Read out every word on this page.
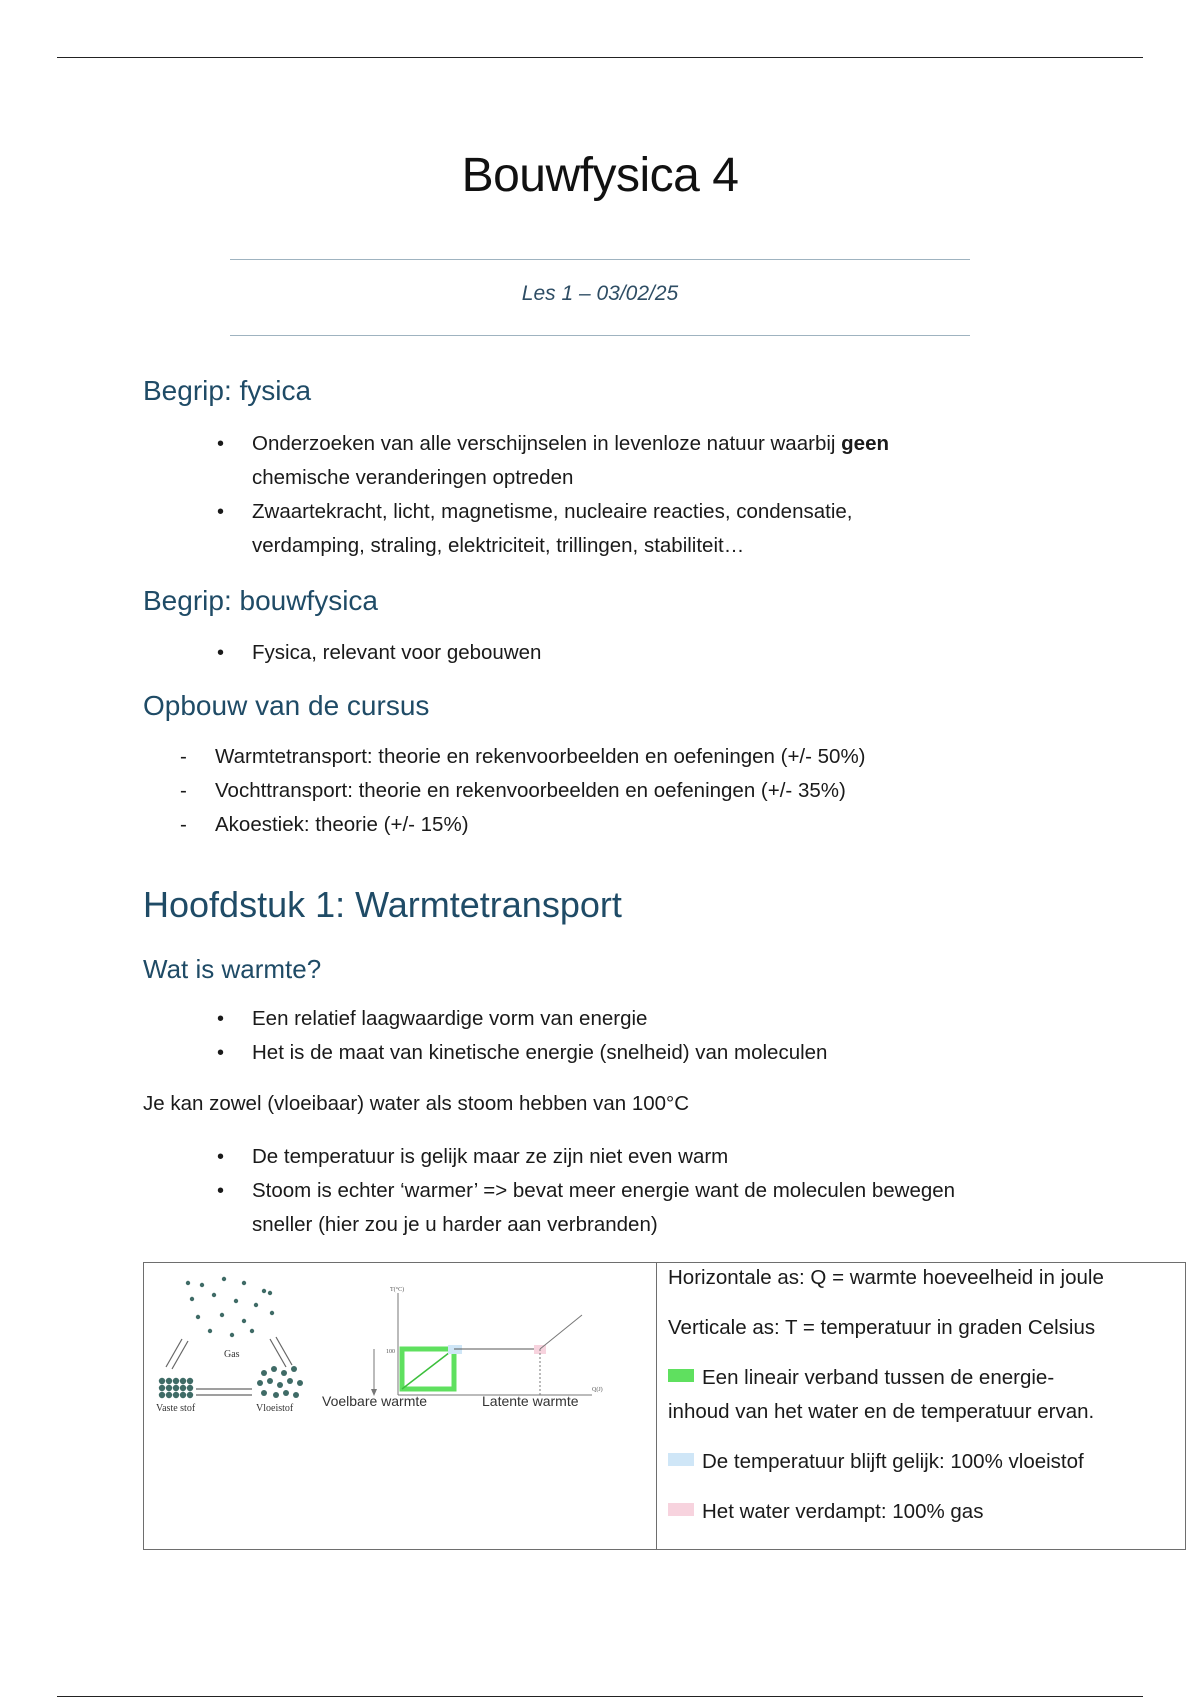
Bouwfysica 4
Les 1 – 03/02/25
Begrip: fysica
• Onderzoeken van alle verschijnselen in levenloze natuur waarbij geen
chemische veranderingen optreden
• Zwaartekracht, licht, magnetisme, nucleaire reacties, condensatie,
verdamping, straling, elektriciteit, trillingen, stabiliteit…
Begrip: bouwfysica
• Fysica, relevant voor gebouwen
Opbouw van de cursus
- Warmtetransport: theorie en rekenvoorbeelden en oefeningen (+/- 50%)
- Vochttransport: theorie en rekenvoorbeelden en oefeningen (+/- 35%)
- Akoestiek: theorie (+/- 15%)
Hoofdstuk 1: Warmtetransport
Wat is warmte?
• Een relatief laagwaardige vorm van energie
• Het is de maat van kinetische energie (snelheid) van moleculen
Je kan zowel (vloeibaar) water als stoom hebben van 100°C
• De temperatuur is gelijk maar ze zijn niet even warm
• Stoom is echter ‘warmer’ => bevat meer energie want de moleculen bewegen
sneller (hier zou je u harder aan verbranden)
Gas
Vaste stof	Vloeistof
T(°C)
Q(J)
100
Voelbare warmte	Latente warmte

Horizontale as: Q = warmte hoeveelheid in joule

Verticale as: T = temperatuur in graden Celsius

Een lineair verband tussen de energie-
inhoud van het water en de temperatuur ervan.

De temperatuur blijft gelijk: 100% vloeistof

Het water verdampt: 100% gas
